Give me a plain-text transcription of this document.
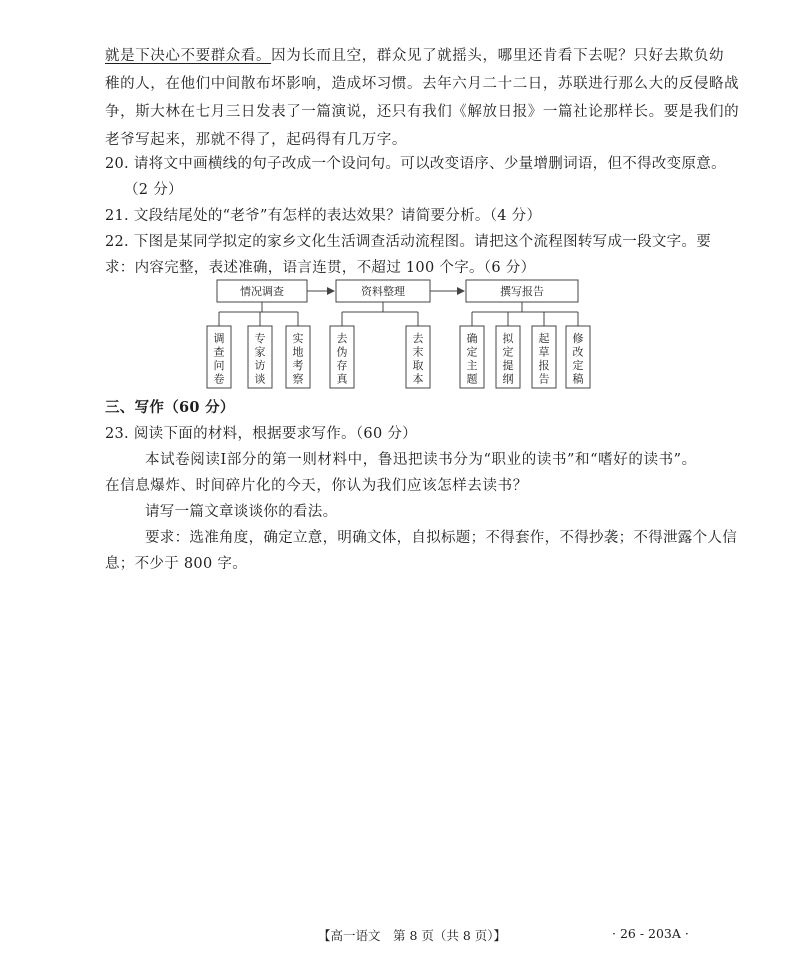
就是下决心不要群众看。因为长而且空，群众见了就摇头，哪里还肯看下去呢？只好去欺负幼
稚的人，在他们中间散布坏影响，造成坏习惯。去年六月二十二日，苏联进行那么大的反侵略战
争，斯大林在七月三日发表了一篇演说，还只有我们《解放日报》一篇社论那样长。要是我们的
老爷写起来，那就不得了，起码得有几万字。
20. 请将文中画横线的句子改成一个设问句。可以改变语序、少量增删词语，但不得改变原意。
（2 分）
21. 文段结尾处的“老爷”有怎样的表达效果？请简要分析。（4 分）
22. 下图是某同学拟定的家乡文化生活调查活动流程图。请把这个流程图转写成一段文字。要
求：内容完整，表述准确，语言连贯，不超过 100 个字。（6 分）
情况调查	资料整理	撰写报告
调查问卷
专家访谈
实地考察
去伪存真
去末取本
确定主题
拟定提纲
起草报告
修改定稿
三、写作（60 分）
23. 阅读下面的材料，根据要求写作。（60 分）
本试卷阅读Ⅰ部分的第一则材料中，鲁迅把读书分为“职业的读书”和“嗜好的读书”。
在信息爆炸、时间碎片化的今天，你认为我们应该怎样去读书？
请写一篇文章谈谈你的看法。
要求：选准角度，确定立意，明确文体，自拟标题；不得套作，不得抄袭；不得泄露个人信
息；不少于 800 字。
【高一语文　第 8 页（共 8 页）】	· 26 - 203A ·
